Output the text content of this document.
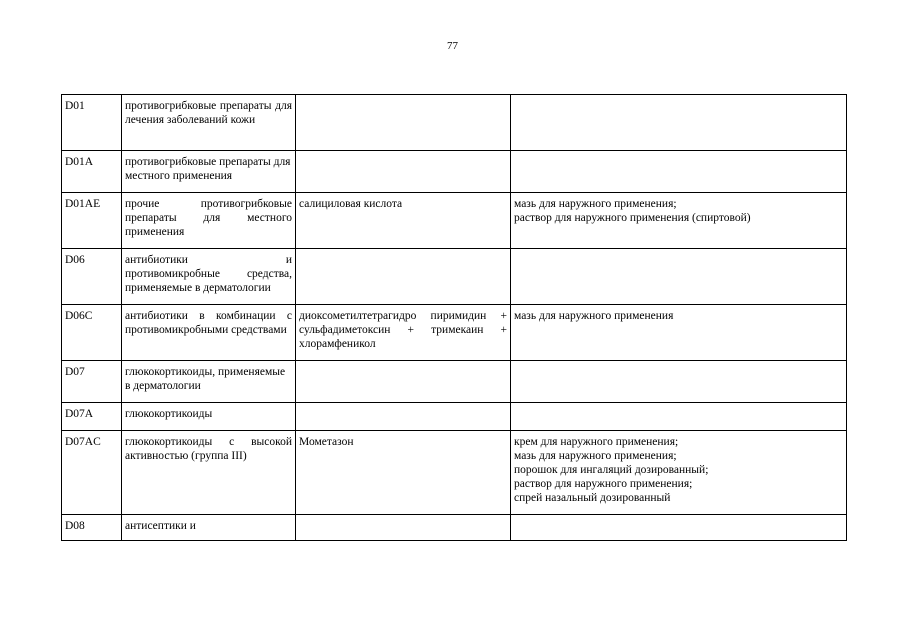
77
D01	противогрибковые препараты для лечения заболеваний кожи		
D01A	противогрибковые препараты для местного применения		
D01AE	прочие противогрибковые препараты для местного применения	салициловая кислота	мазь для наружного применения;
раствор для наружного применения (спиртовой)

D06	антибиотики и противомикробные средства, применяемые в дерматологии		
D06C	антибиотики в комбинации с противомикробными средствами	диоксометилтетрагидро пиримидин + сульфадиметоксин + тримекаин + хлорамфеникол	мазь для наружного применения

D07	глюкокортикоиды, применяемые в дерматологии		
D07A	глюкокортикоиды		
D07AC	глюкокортикоиды с высокой активностью (группа III)	Мометазон	крем для наружного применения;
мазь для наружного применения;
порошок для ингаляций дозированный;
раствор для наружного применения;
спрей назальный дозированный

D08	антисептики и		
